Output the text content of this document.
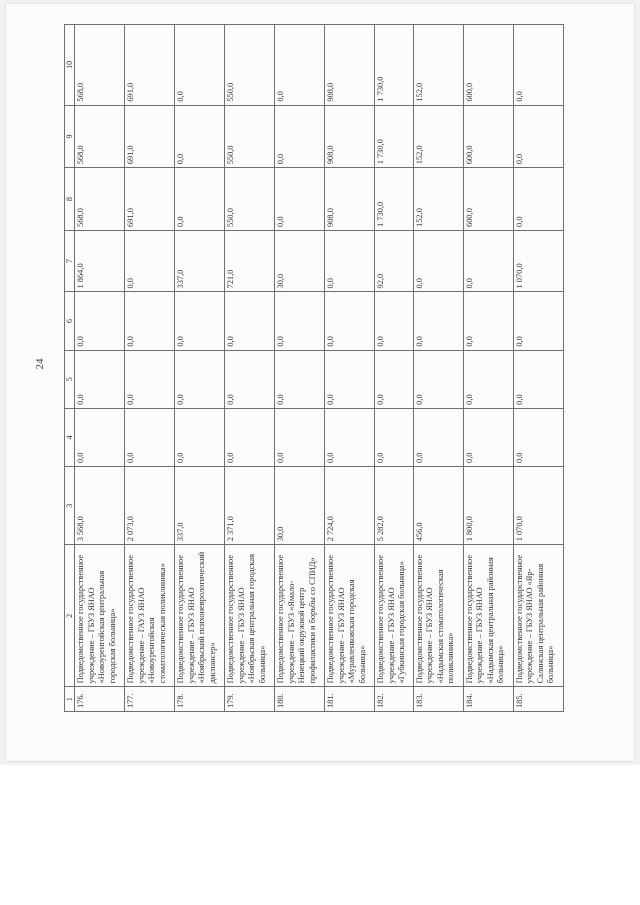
24
1	2	3	4	5	6	7	8	9	10
176.	Подведомственное государственное учреждение – ГБУЗ ЯНАО «Новоуренгойская центральная городская больница»	3 568,0	0,0	0,0	0,0	1 864,0	568,0	568,0	568,0
177.	Подведомственное государственное учреждение – ГАУЗ ЯНАО «Новоуренгойская стоматологическая поликлиника»	2 073,0	0,0	0,0	0,0	0,0	691,0	691,0	691,0
178.	Подведомственное государственное учреждение – ГБУЗ ЯНАО «Ноябрьский психоневрологический диспансер»	337,0	0,0	0,0	0,0	337,0	0,0	0,0	0,0
179.	Подведомственное государственное учреждение – ГБУЗ ЯНАО «Ноябрьская центральная городская больница»	2 371,0	0,0	0,0	0,0	721,0	550,0	550,0	550,0
180.	Подведомственное государственное учреждение – ГБУЗ «Ямало-Ненецкий окружной центр профилактики и борьбы со СПИД»	30,0	0,0	0,0	0,0	30,0	0,0	0,0	0,0
181.	Подведомственное государственное учреждение – ГБУЗ ЯНАО «Муравленковская городская больница»	2 724,0	0,0	0,0	0,0	0,0	908,0	908,0	908,0
182.	Подведомственное государственное учреждение – ГБУЗ ЯНАО «Губкинская городская больница»	5 282,0	0,0	0,0	0,0	92,0	1 730,0	1 730,0	1 730,0
183.	Подведомственное государственное учреждение – ГБУЗ ЯНАО «Надымская стоматологическая поликлиника»	456,0	0,0	0,0	0,0	0,0	152,0	152,0	152,0
184.	Подведомственное государственное учреждение – ГБУЗ ЯНАО «Надымская центральная районная больница»	1 800,0	0,0	0,0	0,0	0,0	600,0	600,0	600,0
185.	Подведомственное государственное учреждение – ГБУЗ ЯНАО «Яр-Салинская центральная районная больница»	1 070,0	0,0	0,0	0,0	1 070,0	0,0	0,0	0,0
